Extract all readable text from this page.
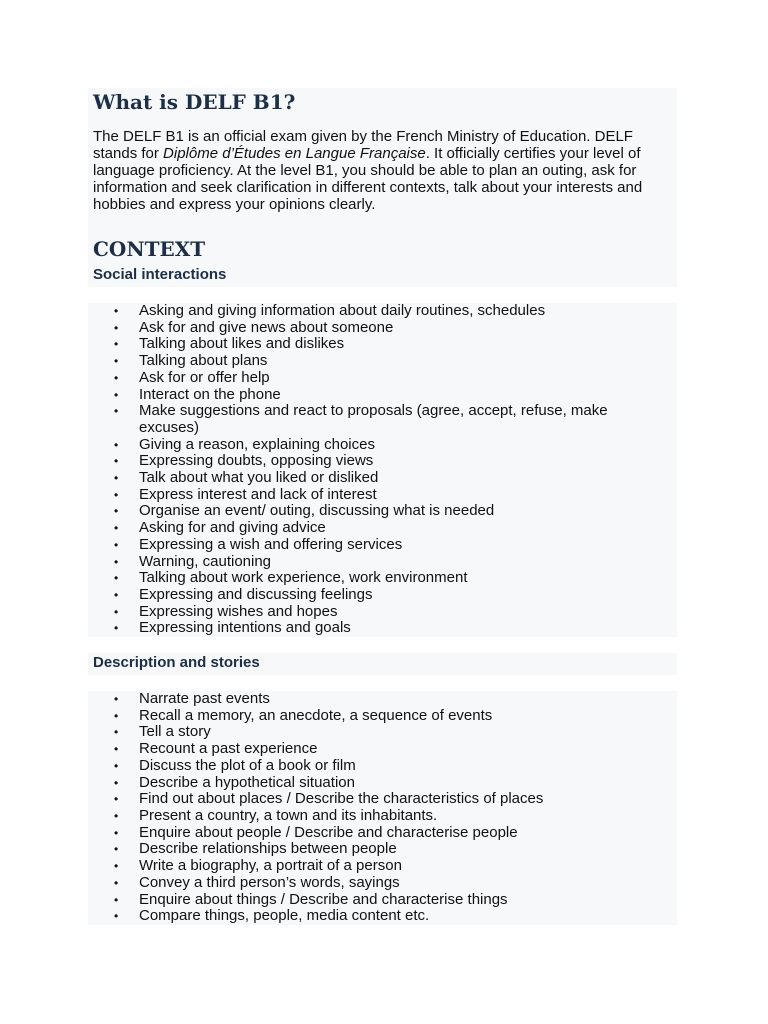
What is DELF B1?

The DELF B1 is an official exam given by the French Ministry of Education. DELF stands for Diplôme d’Études en Langue Française. It officially certifies your level of language proficiency. At the level B1, you should be able to plan an outing, ask for information and seek clarification in different contexts, talk about your interests and hobbies and express your opinions clearly.

CONTEXT
Social interactions
• Asking and giving information about daily routines, schedules
• Ask for and give news about someone
• Talking about likes and dislikes
• Talking about plans
• Ask for or offer help
• Interact on the phone
• Make suggestions and react to proposals (agree, accept, refuse, make excuses)
• Giving a reason, explaining choices
• Expressing doubts, opposing views
• Talk about what you liked or disliked
• Express interest and lack of interest
• Organise an event/ outing, discussing what is needed
• Asking for and giving advice
• Expressing a wish and offering services
• Warning, cautioning
• Talking about work experience, work environment
• Expressing and discussing feelings
• Expressing wishes and hopes
• Expressing intentions and goals
Description and stories
• Narrate past events
• Recall a memory, an anecdote, a sequence of events
• Tell a story
• Recount a past experience
• Discuss the plot of a book or film
• Describe a hypothetical situation
• Find out about places / Describe the characteristics of places
• Present a country, a town and its inhabitants.
• Enquire about people / Describe and characterise people
• Describe relationships between people
• Write a biography, a portrait of a person
• Convey a third person’s words, sayings
• Enquire about things / Describe and characterise things
• Compare things, people, media content etc.
